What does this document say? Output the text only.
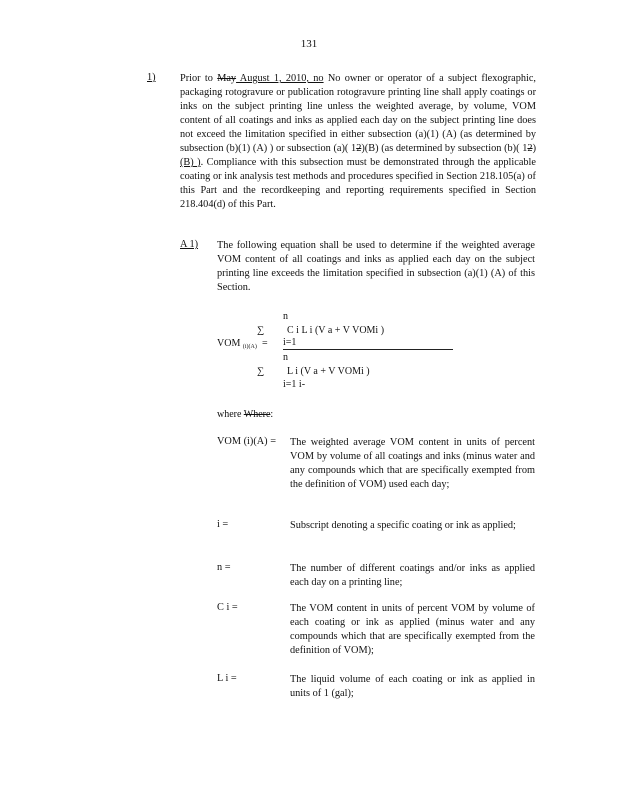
131
1) Prior to May August 1, 2010, no No owner or operator of a subject flexographic, packaging rotogravure or publication rotogravure printing line shall apply coatings or inks on the subject printing line unless the weighted average, by volume, VOM content of all coatings and inks as applied each day on the subject printing line does not exceed the limitation specified in either subsection (a)(1) (A) (as determined by subsection (b)(1) (A) ) or subsection (a)( 12)(B) (as determined by subsection (b)( 12)(B) ). Compliance with this subsection must be demonstrated through the applicable coating or ink analysis test methods and procedures specified in Section 218.105(a) of this Part and the recordkeeping and reporting requirements specified in Section 218.404(d) of this Part.
A 1) The following equation shall be used to determine if the weighted average VOM content of all coatings and inks as applied each day on the subject printing line exceeds the limitation specified in subsection (a)(1) (A) of this Section.
n
∑ C i L i (V a + V VOMi )
i=1
VOM $_{(i)(A)}$ =
n
∑ L i (V a + V VOMi )
i=1 i-
where Where:
VOM (i)(A) = The weighted average VOM content in units of percent VOM by volume of all coatings and inks (minus water and any compounds which that are specifically exempted from the definition of VOM) used each day;
i =	Subscript denoting a specific coating or ink as applied;
n =	The number of different coatings and/or inks as applied each day on a printing line;
C i =	The VOM content in units of percent VOM by volume of each coating or ink as applied (minus water and any compounds which that are specifically exempted from the definition of VOM);
L i =	The liquid volume of each coating or ink as applied in units of 1 (gal);
